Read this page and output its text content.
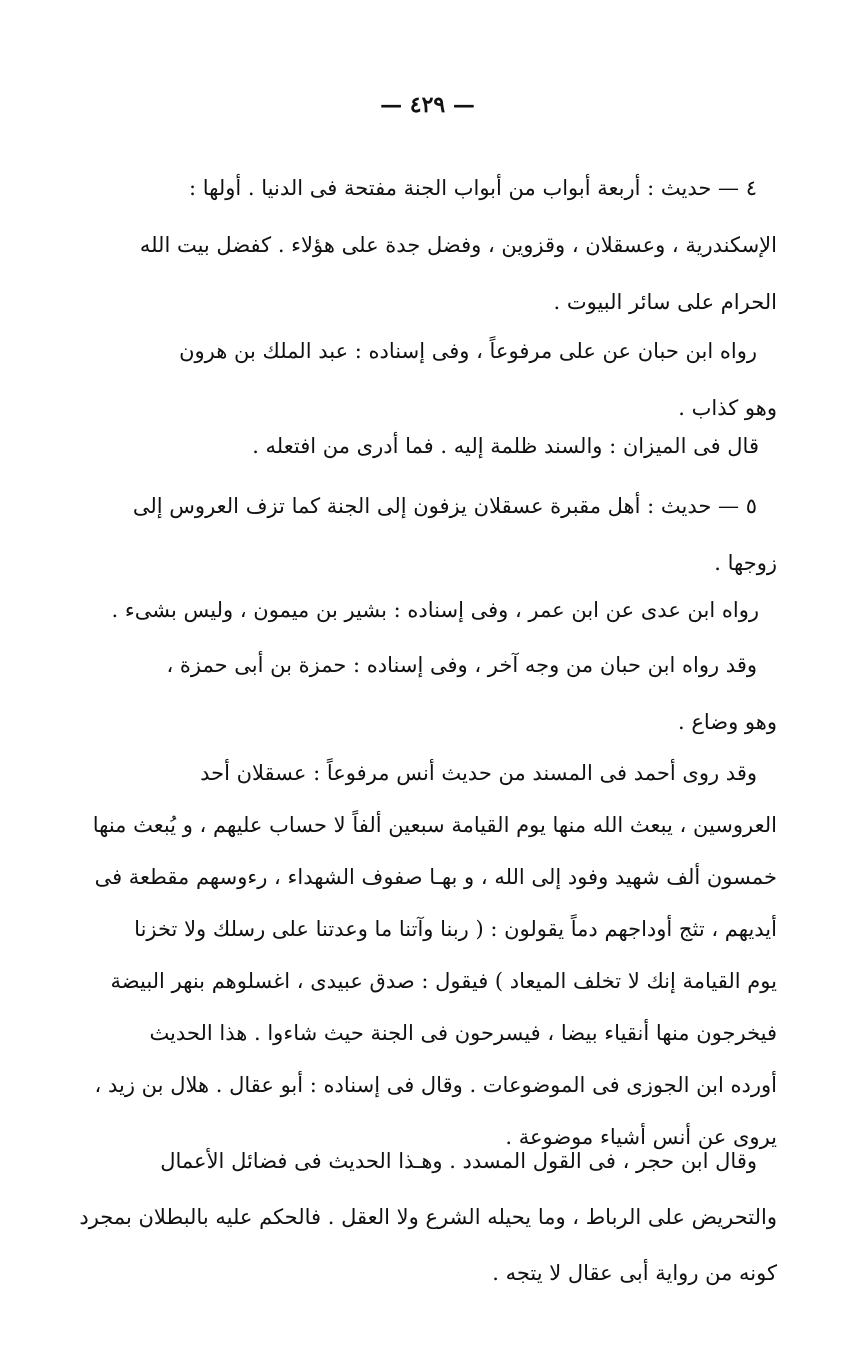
— ٤٢٩ —
٤ — حديث : أربعة أبواب من أبواب الجنة مفتحة فى الدنيا . أولها :
الإسكندرية ، وعسقلان ، وقزوين ، وفضل جدة على هؤلاء . كفضل بيت الله
الحرام على سائر البيوت .
رواه ابن حبان عن على مرفوعاً ، وفى إسناده : عبد الملك بن هرون
وهو كذاب .
قال فى الميزان : والسند ظلمة إليه . فما أدرى من افتعله .
٥ — حديث : أهل مقبرة عسقلان يزفون إلى الجنة كما تزف العروس إلى
زوجها .
رواه ابن عدى عن ابن عمر ، وفى إسناده : بشير بن ميمون ، وليس بشىء .
وقد رواه ابن حبان من وجه آخر ، وفى إسناده : حمزة بن أبى حمزة ،
وهو وضاع .
وقد روى أحمد فى المسند من حديث أنس مرفوعاً : عسقلان أحد
العروسين ، يبعث الله منها يوم القيامة سبعين ألفاً لا حساب عليهم ، و يُبعث منها
خمسون ألف شهيد وفود إلى الله ، و بهـا صفوف الشهداء ، رءوسهم مقطعة فى
أيديهم ، تثج أوداجهم دماً يقولون : ( ربنا وآتنا ما وعدتنا على رسلك ولا تخزنا
يوم القيامة إنك لا تخلف الميعاد ) فيقول : صدق عبيدى ، اغسلوهم بنهر البيضة
فيخرجون منها أنقياء بيضا ، فيسرحون فى الجنة حيث شاءوا . هذا الحديث
أورده ابن الجوزى فى الموضوعات . وقال فى إسناده : أبو عقال . هلال بن زيد ،
يروى عن أنس أشياء موضوعة .
وقال ابن حجر ، فى القول المسدد . وهـذا الحديث فى فضائل الأعمال
والتحريض على الرباط ، وما يحيله الشرع ولا العقل . فالحكم عليه بالبطلان بمجرد
كونه من رواية أبى عقال لا يتجه .
